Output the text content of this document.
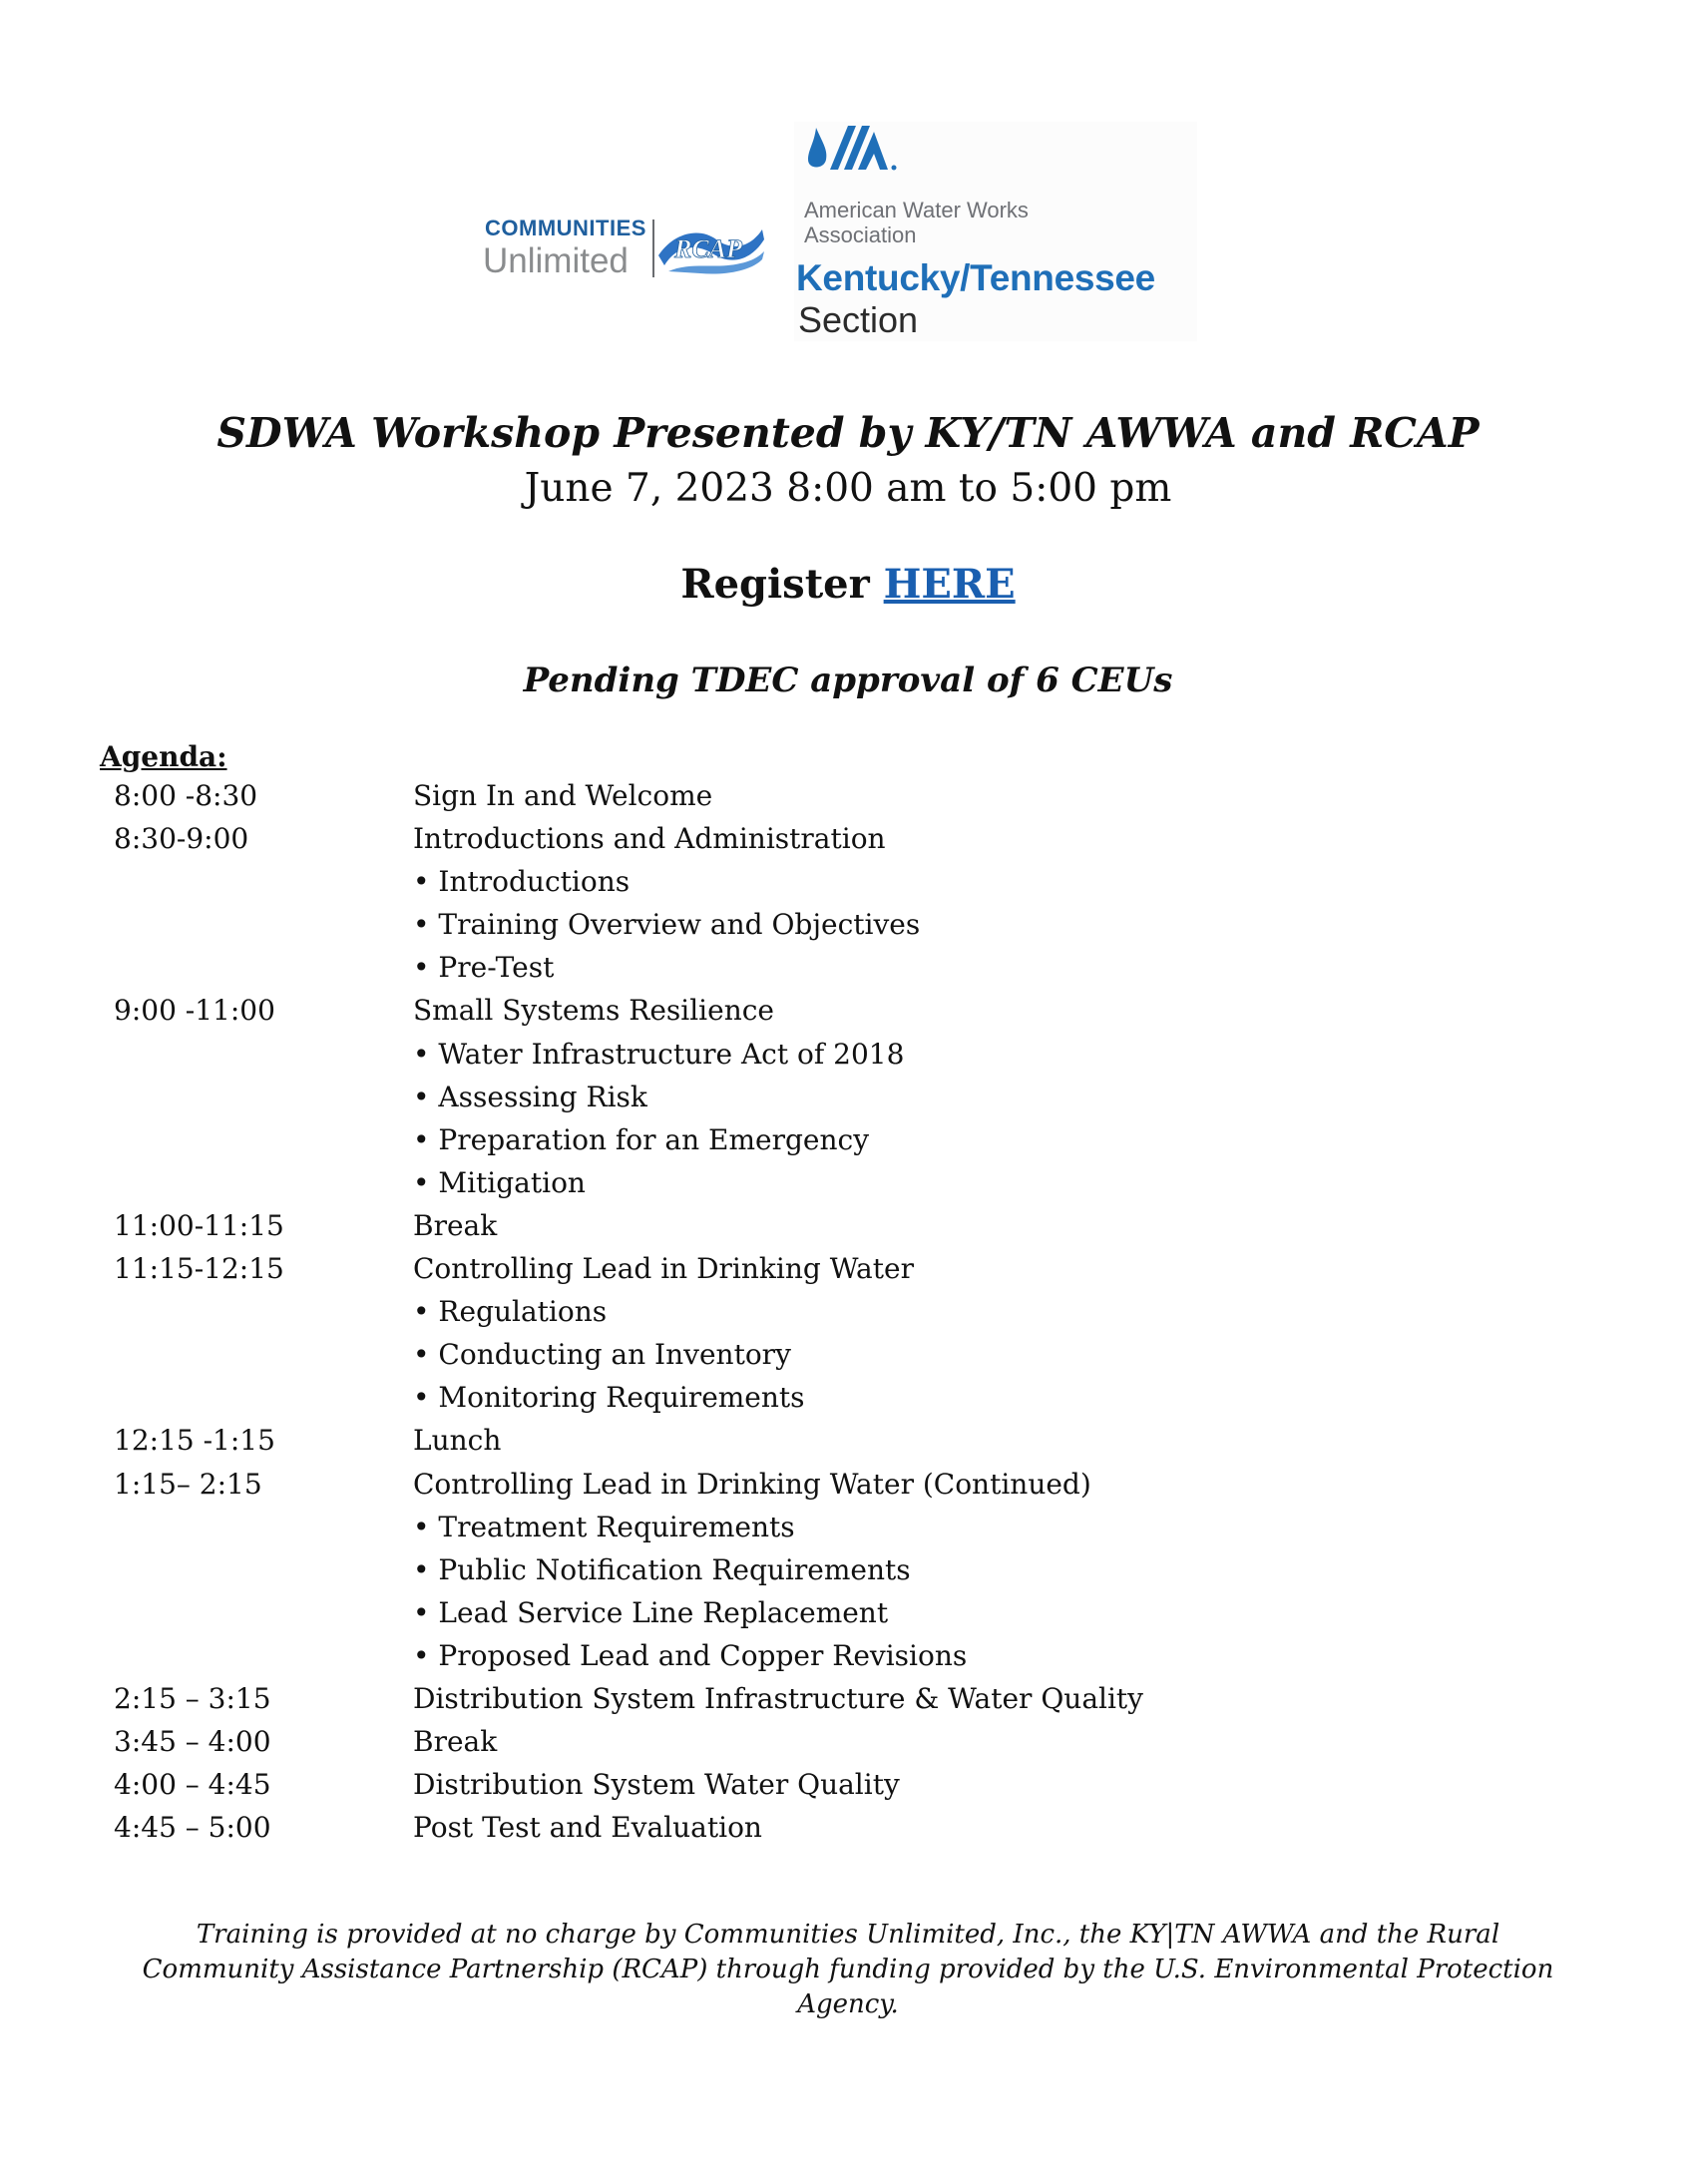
COMMUNITIES
Unlimited RCAP
American Water Works Association
Kentucky/Tennessee
Section
SDWA Workshop Presented by KY/TN AWWA and RCAP
June 7, 2023 8:00 am to 5:00 pm
Register HERE
Pending TDEC approval of 6 CEUs
Agenda:
8:00 -8:30	Sign In and Welcome
8:30-9:00	Introductions and Administration
• Introductions
• Training Overview and Objectives
• Pre-Test
9:00 -11:00	Small Systems Resilience
• Water Infrastructure Act of 2018
• Assessing Risk
• Preparation for an Emergency
• Mitigation
11:00-11:15	Break
11:15-12:15	Controlling Lead in Drinking Water
• Regulations
• Conducting an Inventory
• Monitoring Requirements
12:15 -1:15	Lunch
1:15– 2:15	Controlling Lead in Drinking Water (Continued)
• Treatment Requirements
• Public Notification Requirements
• Lead Service Line Replacement
• Proposed Lead and Copper Revisions
2:15 – 3:15	Distribution System Infrastructure & Water Quality
3:45 – 4:00	Break
4:00 – 4:45	Distribution System Water Quality
4:45 – 5:00	Post Test and Evaluation
Training is provided at no charge by Communities Unlimited, Inc., the KY|TN AWWA and the Rural
Community Assistance Partnership (RCAP) through funding provided by the U.S. Environmental Protection
Agency.
